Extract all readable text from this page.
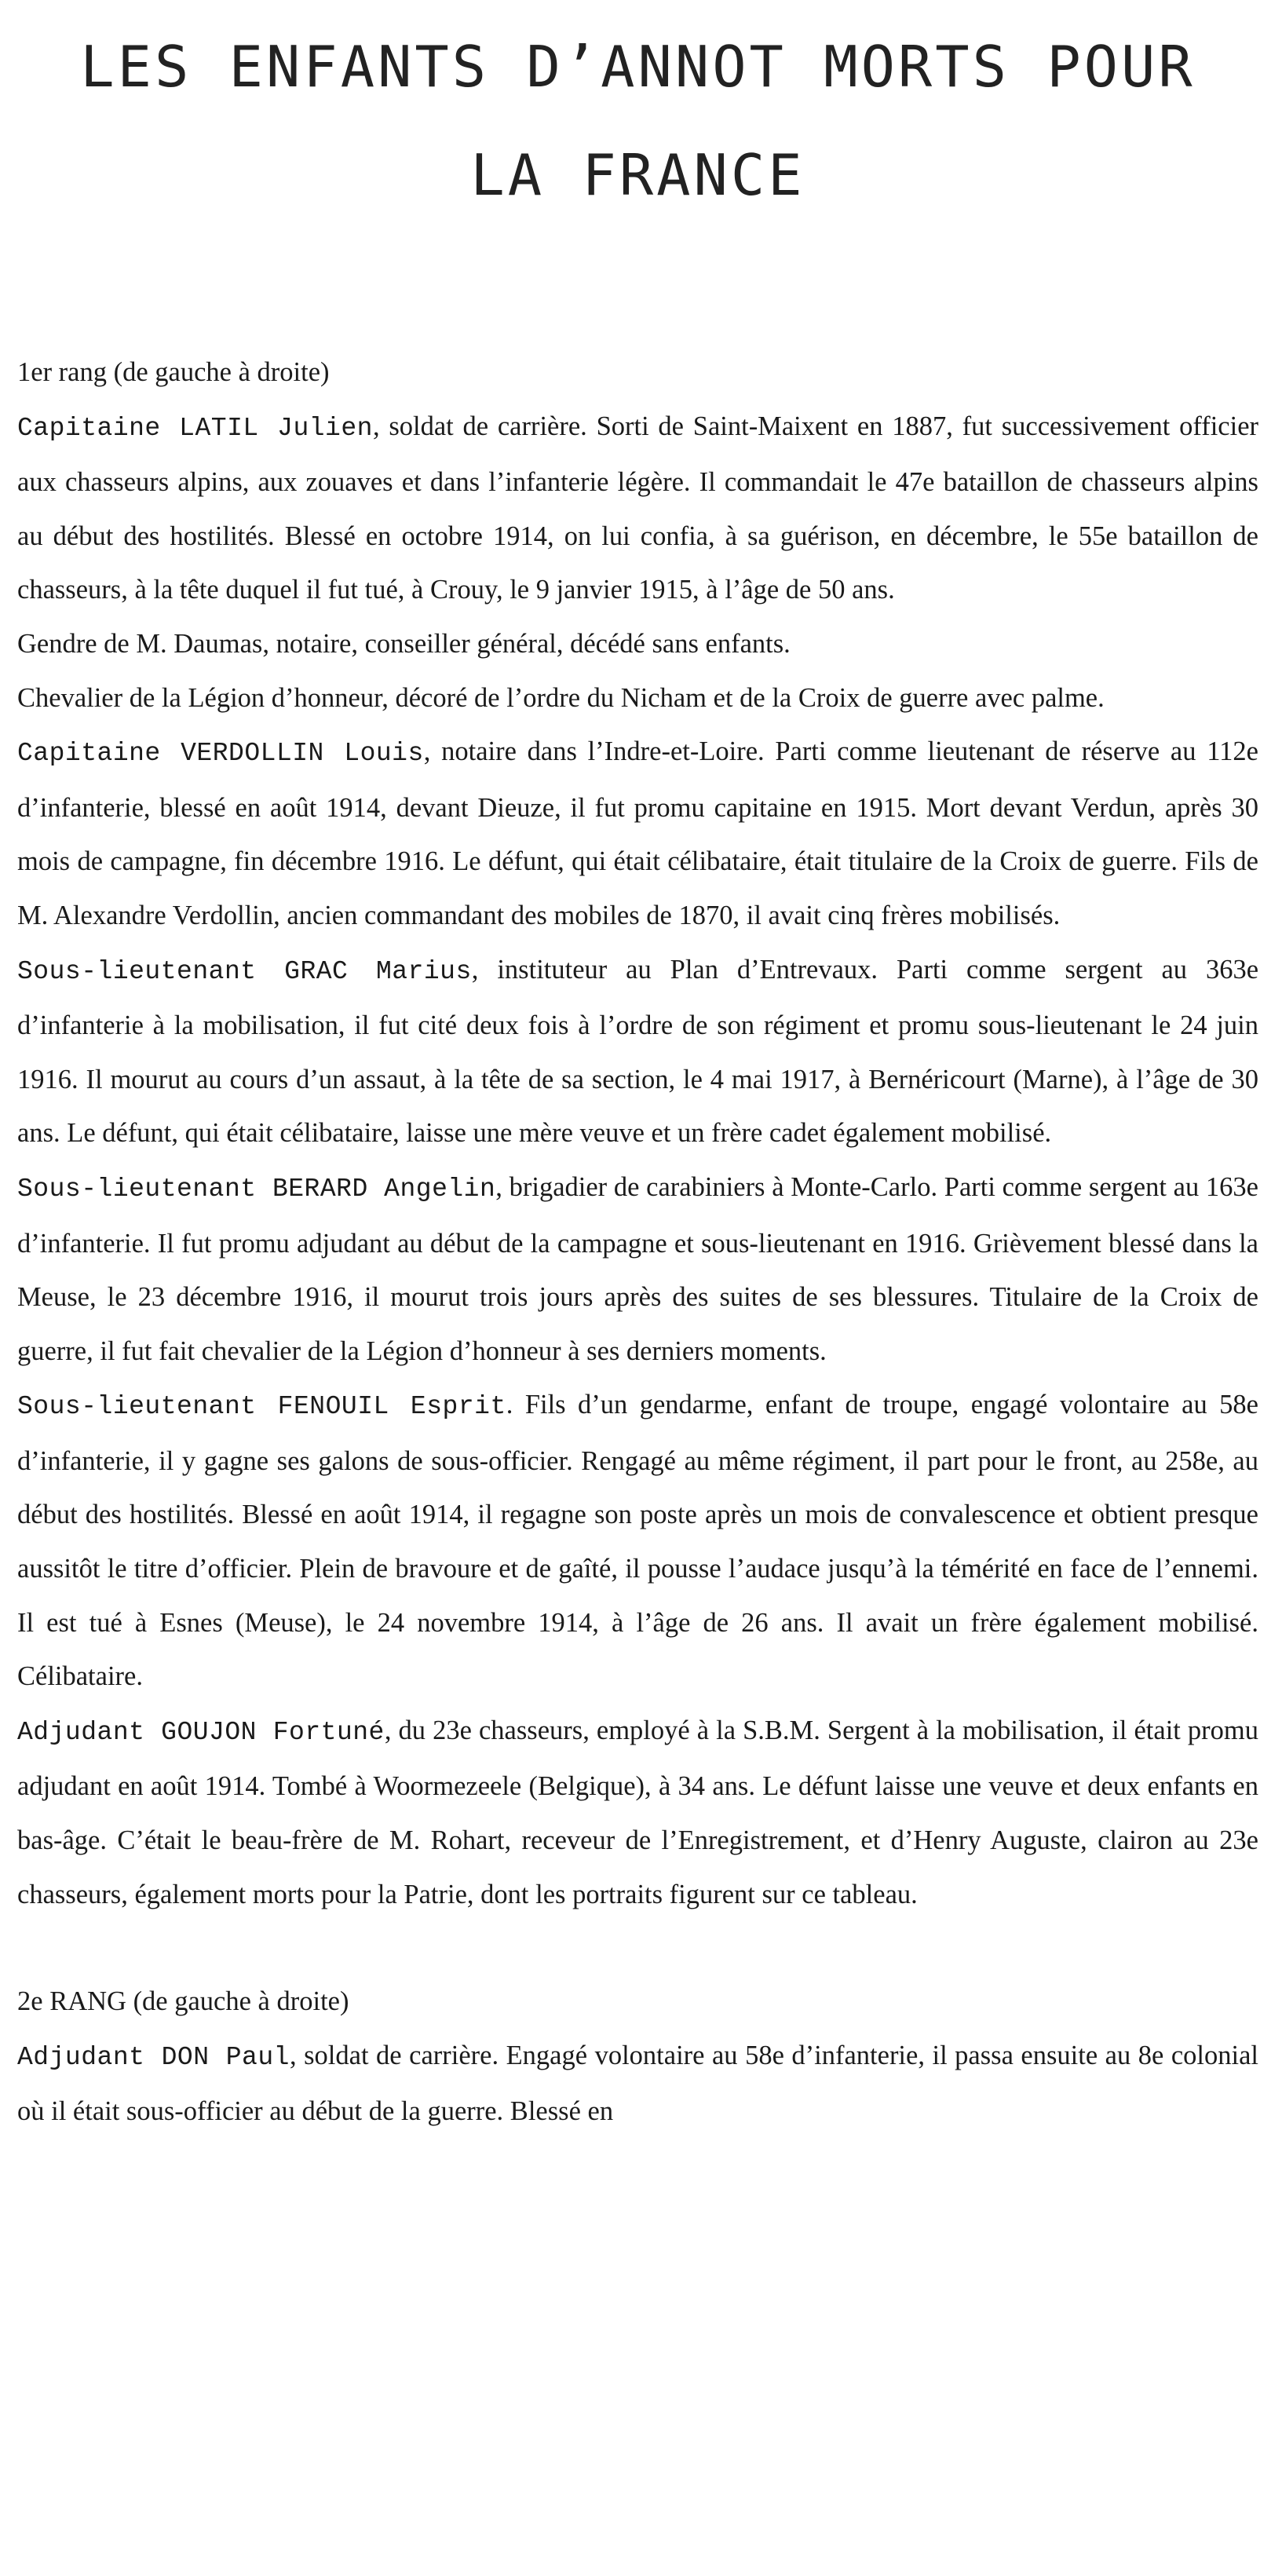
LES ENFANTS D’ANNOT MORTS POUR
LA FRANCE

1er rang (de gauche à droite)

Capitaine LATIL Julien, soldat de carrière. Sorti de Saint-Maixent en 1887, fut successivement officier aux chasseurs alpins, aux zouaves et dans l’infanterie légère. Il commandait le 47e bataillon de chasseurs alpins au début des hostilités. Blessé en octobre 1914, on lui confia, à sa guérison, en décembre, le 55e bataillon de chasseurs, à la tête duquel il fut tué, à Crouy, le 9 janvier 1915, à l’âge de 50 ans.

Gendre de M. Daumas, notaire, conseiller général, décédé sans enfants.

Chevalier de la Légion d’honneur, décoré de l’ordre du Nicham et de la Croix de guerre avec palme.

Capitaine VERDOLLIN Louis, notaire dans l’Indre-et-Loire. Parti comme lieutenant de réserve au 112e d’infanterie, blessé en août 1914, devant Dieuze, il fut promu capitaine en 1915. Mort devant Verdun, après 30 mois de campagne, fin décembre 1916. Le défunt, qui était célibataire, était titulaire de la Croix de guerre. Fils de M. Alexandre Verdollin, ancien commandant des mobiles de 1870, il avait cinq frères mobilisés.

Sous-lieutenant GRAC Marius, instituteur au Plan d’Entrevaux. Parti comme sergent au 363e d’infanterie à la mobilisation, il fut cité deux fois à l’ordre de son régiment et promu sous-lieutenant le 24 juin 1916. Il mourut au cours d’un assaut, à la tête de sa section, le 4 mai 1917, à Bernéricourt (Marne), à l’âge de 30 ans. Le défunt, qui était célibataire, laisse une mère veuve et un frère cadet également mobilisé.

Sous-lieutenant BERARD Angelin, brigadier de carabiniers à Monte-Carlo. Parti comme sergent au 163e d’infanterie. Il fut promu adjudant au début de la campagne et sous-lieutenant en 1916. Grièvement blessé dans la Meuse, le 23 décembre 1916, il mourut trois jours après des suites de ses blessures. Titulaire de la Croix de guerre, il fut fait chevalier de la Légion d’honneur à ses derniers moments.

Sous-lieutenant FENOUIL Esprit. Fils d’un gendarme, enfant de troupe, engagé volontaire au 58e d’infanterie, il y gagne ses galons de sous-officier. Rengagé au même régiment, il part pour le front, au 258e, au début des hostilités. Blessé en août 1914, il regagne son poste après un mois de convalescence et obtient presque aussitôt le titre d’officier. Plein de bravoure et de gaîté, il pousse l’audace jusqu’à la témérité en face de l’ennemi. Il est tué à Esnes (Meuse), le 24 novembre 1914, à l’âge de 26 ans. Il avait un frère également mobilisé. Célibataire.

Adjudant GOUJON Fortuné, du 23e chasseurs, employé à la S.B.M. Sergent à la mobilisation, il était promu adjudant en août 1914. Tombé à Woormezeele (Belgique), à 34 ans. Le défunt laisse une veuve et deux enfants en bas-âge. C’était le beau-frère de M. Rohart, receveur de l’Enregistrement, et d’Henry Auguste, clairon au 23e chasseurs, également morts pour la Patrie, dont les portraits figurent sur ce tableau.

2e RANG (de gauche à droite)

Adjudant DON Paul, soldat de carrière. Engagé volontaire au 58e d’infanterie, il passa ensuite au 8e colonial où il était sous-officier au début de la guerre. Blessé en
